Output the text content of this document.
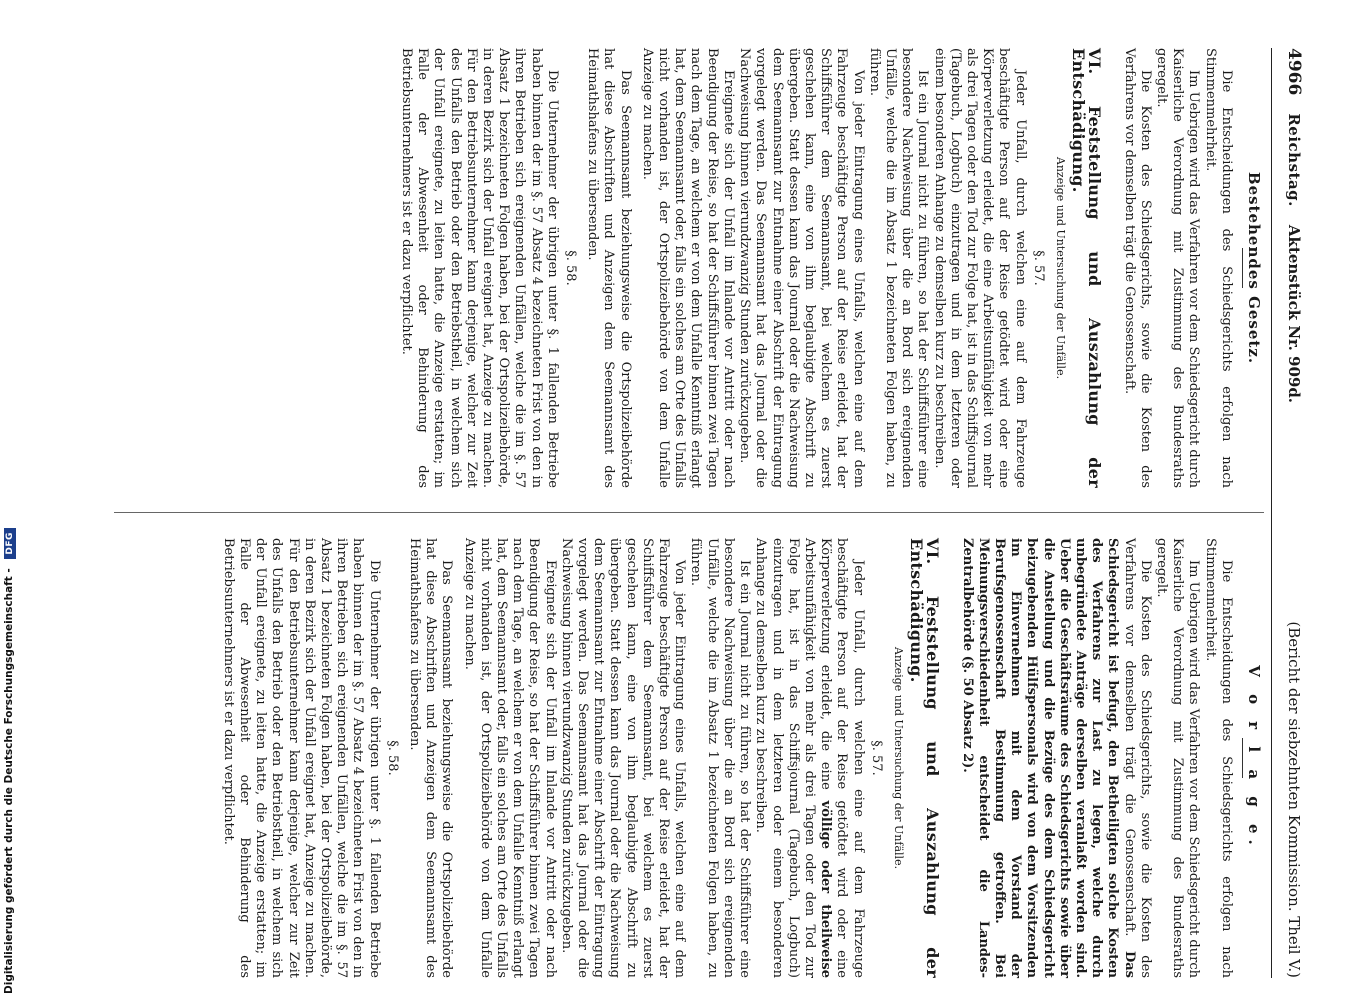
Digitalisierung gefördert durch die Deutsche Forschungsgemeinschaft - DFG
4966
Reichstag.
Aktenstück Nr. 909d.
(Bericht der siebzehnten Kommission. Theil V.)
Bestehendes Gesetz.

Die Entscheidungen des Schiedsgerichts erfolgen nach Stimmenmehrheit.

Im Uebrigen wird das Verfahren vor dem Schiedsgericht durch Kaiserliche Verordnung mit Zustimmung des Bundesraths geregelt.

Die Kosten des Schiedsgerichts, sowie die Kosten des Verfahrens vor demselben trägt die Genossenschaft.

VI. Feststellung und Auszahlung der Entschädigung.

Anzeige und Untersuchung der Unfälle.

§. 57.

Jeder Unfall, durch welchen eine auf dem Fahrzeuge beschäftigte Person auf der Reise getödtet wird oder eine Körperverletzung erleidet, die eine Arbeitsunfähigkeit von mehr als drei Tagen oder den Tod zur Folge hat, ist in das Schiffsjournal (Tagebuch, Logbuch) einzutragen und in dem letzteren oder einem besonderen Anhange zu demselben kurz zu beschreiben.

Ist ein Journal nicht zu führen, so hat der Schiffsführer eine besondere Nachweisung über die an Bord sich ereignenden Unfälle, welche die im Absatz 1 bezeichneten Folgen haben, zu führen.

Von jeder Eintragung eines Unfalls, welchen eine auf dem Fahrzeuge beschäftigte Person auf der Reise erleidet, hat der Schiffsführer dem Seemannsamt, bei welchem es zuerst geschehen kann, eine von ihm beglaubigte Abschrift zu übergeben. Statt dessen kann das Journal oder die Nachweisung dem Seemannsamt zur Entnahme einer Abschrift der Eintragung vorgelegt werden. Das Seemannsamt hat das Journal oder die Nachweisung binnen vierundzwanzig Stunden zurückzugeben.

Ereignete sich der Unfall im Inlande vor Antritt oder nach Beendigung der Reise, so hat der Schiffsführer binnen zwei Tagen nach dem Tage, an welchem er von dem Unfalle Kenntniß erlangt hat, dem Seemannsamt oder, falls ein solches am Orte des Unfalls nicht vorhanden ist, der Ortspolizeibehörde von dem Unfalle Anzeige zu machen.

Das Seemannsamt beziehungsweise die Ortspolizeibehörde hat diese Abschriften und Anzeigen dem Seemannsamt des Heimathshafens zu übersenden.

§. 58.

Die Unternehmer der übrigen unter §. 1 fallenden Betriebe haben binnen der im §. 57 Absatz 4 bezeichneten Frist von den in ihren Betrieben sich ereignenden Unfällen, welche die im §. 57 Absatz 1 bezeichneten Folgen haben, bei der Ortspolizeibehörde, in deren Bezirk sich der Unfall ereignet hat, Anzeige zu machen. Für den Betriebsunternehmer kann derjenige, welcher zur Zeit des Unfalls den Betrieb oder den Betriebstheil, in welchem sich der Unfall ereignete, zu leiten hatte, die Anzeige erstatten; im Falle der Abwesenheit oder Behinderung des Betriebsunternehmers ist er dazu verpflichtet.

V o r l a g e.

Die Entscheidungen des Schiedsgerichts erfolgen nach Stimmenmehrheit.

Im Uebrigen wird das Verfahren vor dem Schiedsgericht durch Kaiserliche Verordnung mit Zustimmung des Bundesraths geregelt.

Die Kosten des Schiedsgerichts, sowie die Kosten des Verfahrens vor demselben trägt die Genossenschaft. Das Schiedsgericht ist befugt, den Betheiligten solche Kosten des Verfahrens zur Last zu legen, welche durch unbegründete Anträge derselben veranlaßt worden sind. Ueber die Geschäftsräume des Schiedsgerichts sowie über die Anstellung und die Bezüge des dem Schiedsgericht beizugebenden Hülfspersonals wird von dem Vorsitzenden im Einvernehmen mit dem Vorstand der Berufsgenossenschaft Bestimmung getroffen. Bei Meinungsverschiedenheit entscheidet die Landes-Zentralbehörde (§. 50 Absatz 2).

VI. Feststellung und Auszahlung der Entschädigung.

Anzeige und Untersuchung der Unfälle.

§. 57.

Jeder Unfall, durch welchen eine auf dem Fahrzeuge beschäftigte Person auf der Reise getödtet wird oder eine Körperverletzung erleidet, die eine völlige oder theilweise Arbeitsunfähigkeit von mehr als drei Tagen oder den Tod zur Folge hat, ist in das Schiffsjournal (Tagebuch, Logbuch) einzutragen und in dem letzteren oder einem besonderen Anhange zu demselben kurz zu beschreiben.

Ist ein Journal nicht zu führen, so hat der Schiffsführer eine besondere Nachweisung über die an Bord sich ereignenden Unfälle, welche die im Absatz 1 bezeichneten Folgen haben, zu führen.

Von jeder Eintragung eines Unfalls, welchen eine auf dem Fahrzeuge beschäftigte Person auf der Reise erleidet, hat der Schiffsführer dem Seemannsamt, bei welchem es zuerst geschehen kann, eine von ihm beglaubigte Abschrift zu übergeben. Statt dessen kann das Journal oder die Nachweisung dem Seemannsamt zur Entnahme einer Abschrift der Eintragung vorgelegt werden. Das Seemannsamt hat das Journal oder die Nachweisung binnen vierundzwanzig Stunden zurückzugeben.

Ereignete sich der Unfall im Inlande vor Antritt oder nach Beendigung der Reise, so hat der Schiffsführer binnen zwei Tagen nach dem Tage, an welchem er von dem Unfalle Kenntniß erlangt hat, dem Seemannsamt oder, falls ein solches am Orte des Unfalls nicht vorhanden ist, der Ortspolizeibehörde von dem Unfalle Anzeige zu machen.

Das Seemannsamt beziehungsweise die Ortspolizeibehörde hat diese Abschriften und Anzeigen dem Seemannsamt des Heimathshafens zu übersenden.

§. 58.

Die Unternehmer der übrigen unter §. 1 fallenden Betriebe haben binnen der im §. 57 Absatz 4 bezeichneten Frist von den in ihren Betrieben sich ereignenden Unfällen, welche die im §. 57 Absatz 1 bezeichneten Folgen haben, bei der Ortspolizeibehörde, in deren Bezirk sich der Unfall ereignet hat, Anzeige zu machen. Für den Betriebsunternehmer kann derjenige, welcher zur Zeit des Unfalls den Betrieb oder den Betriebstheil, in welchem sich der Unfall ereignete, zu leiten hatte, die Anzeige erstatten; im Falle der Abwesenheit oder Behinderung des Betriebsunternehmers ist er dazu verpflichtet.
